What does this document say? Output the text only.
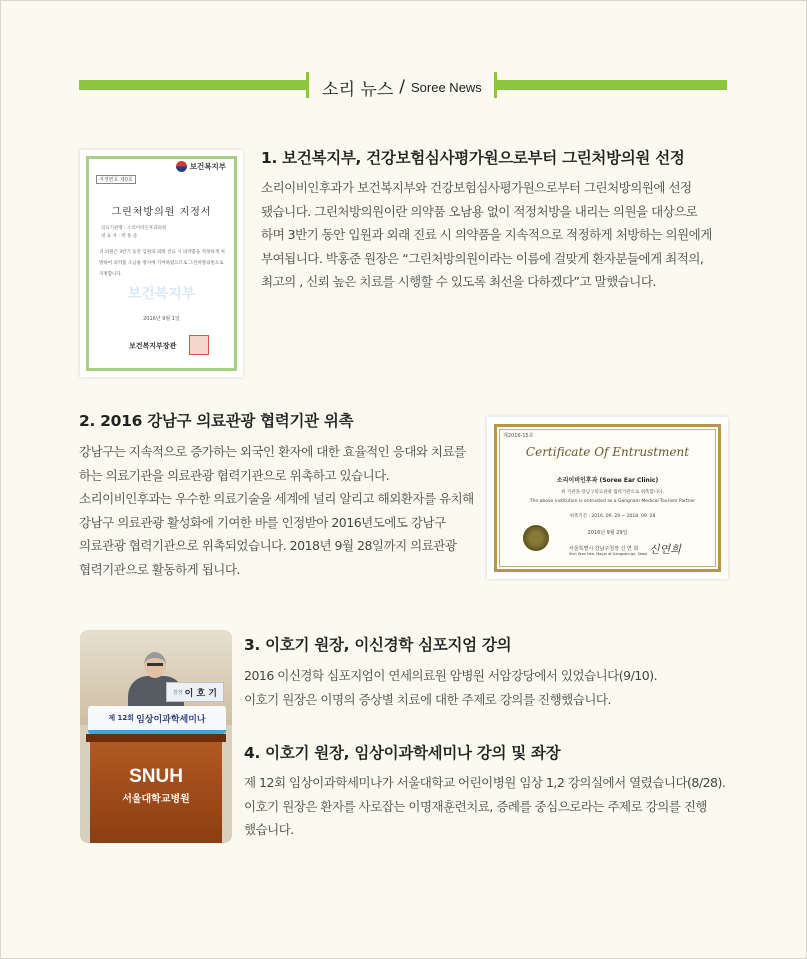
소리 뉴스 / Soree News
보건복지부
지정번호 제0호
그린처방의원 지정서
의료기관명 : 소리이비인후과의원
대 표 자 : 박 홍 준
귀 의원은 3반기 동안 입원과 외래 진료 시 의약품을 적정하게 처방하여 의약품 오남용 방지에 기여하였으므로 그린처방의원으로 지정합니다.
보건복지부
2016년 9월 1일
보건복지부장관
1. 보건복지부, 건강보험심사평가원으로부터 그린처방의원 선정

소리이비인후과가 보건복지부와 건강보험심사평가원으로부터 그린처방의원에 선정
됐습니다. 그린처방의원이란 의약품 오남용 없이 적정처방을 내리는 의원을 대상으로
하며 3반기 동안 입원과 외래 진료 시 의약품을 지속적으로 적정하게 처방하는 의원에게
부여됩니다. 박홍준 원장은 “그린처방의원이라는 이름에 걸맞게 환자분들에게 최적의,
최고의 , 신뢰 높은 치료를 시행할 수 있도록 최선을 다하겠다”고 말했습니다.

2. 2016 강남구 의료관광 협력기관 위촉

강남구는 지속적으로 증가하는 외국인 환자에 대한 효율적인 응대와 치료를
하는 의료기관을 의료관광 협력기관으로 위촉하고 있습니다.
소리이비인후과는 우수한 의료기술을 세계에 널리 알리고 해외환자를 유치해
강남구 의료관광 활성화에 기여한 바를 인정받아 2016년도에도 강남구
의료관광 협력기관으로 위촉되었습니다. 2018년 9월 28일까지 의료관광
협력기관으로 활동하게 됩니다.

제2016-15호
Certificate Of Entrustment
소리이비인후과 (Soree Ear Clinic)
위 기관을 강남구의료관광 협력기관으로 위촉합니다.
The above institution is entrusted as a Gangnam Medical Tourism Partner
위촉기간 : 2016. 09. 29 ~ 2018. 09. 28
2016년 9월 29일
서울특별시 강남구청장 신 연 희
Shin Yeon Hee, Mayor of Gangnam-gu, Seoul 신연희
원장 이 호 기
제 12회 임상이과학세미나
SNUH
서울대학교병원
3. 이호기 원장, 이신경학 심포지엄 강의

2016 이신경학 심포지엄이 연세의료원 암병원 서암강당에서 있었습니다(9/10).
이호기 원장은 이명의 증상별 치료에 대한 주제로 강의를 진행했습니다.

4. 이호기 원장, 임상이과학세미나 강의 및 좌장

제 12회 임상이과학세미나가 서울대학교 어린이병원 임상 1,2 강의실에서 열렸습니다(8/28).
이호기 원장은 환자를 사로잡는 이명재훈련치료, 증례를 중심으로라는 주제로 강의를 진행
했습니다.
